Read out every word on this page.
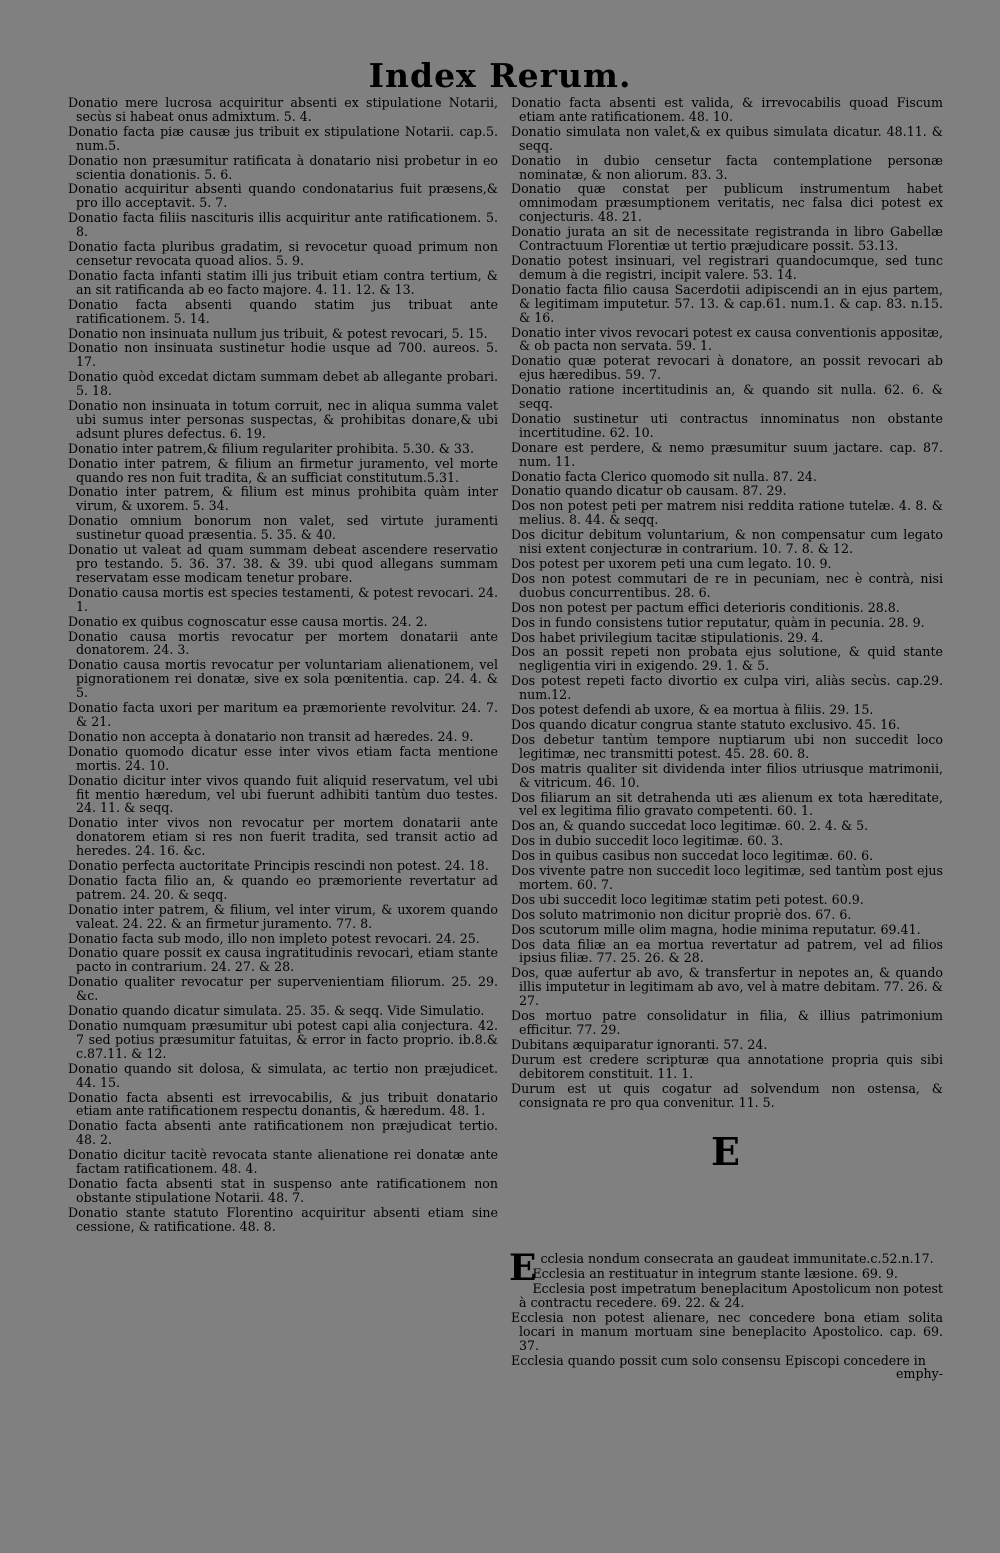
Index Rerum.
Donatio mere lucrosa acquiritur absenti ex stipulatione Notarii, secùs si habeat onus admixtum. 5. 4.
Donatio facta piæ causæ jus tribuit ex stipulatione Notarii. cap.5. num.5.
Donatio non præsumitur ratificata à donatario nisi probetur in eo scientia donationis. 5. 6.
Donatio acquiritur absenti quando condonatarius fuit præsens,& pro illo acceptavit. 5. 7.
Donatio facta filiis nascituris illis acquiritur ante ratificationem. 5. 8.
Donatio facta pluribus gradatim, si revocetur quoad primum non censetur revocata quoad alios. 5. 9.
Donatio facta infanti statim illi jus tribuit etiam contra tertium, & an sit ratificanda ab eo facto majore. 4. 11. 12. & 13.
Donatio facta absenti quando statim jus tribuat ante ratificationem. 5. 14.
Donatio non insinuata nullum jus tribuit, & potest revocari, 5. 15.
Donatio non insinuata sustinetur hodie usque ad 700. aureos. 5. 17.
Donatio quòd excedat dictam summam debet ab allegante probari. 5. 18.
Donatio non insinuata in totum corruit, nec in aliqua summa valet ubi sumus inter personas suspectas, & prohibitas donare,& ubi adsunt plures defectus. 6. 19.
Donatio inter patrem,& filium regulariter prohibita. 5.30. & 33.
Donatio inter patrem, & filium an firmetur juramento, vel morte quando res non fuit tradita, & an sufficiat constitutum.5.31.
Donatio inter patrem, & filium est minus prohibita quàm inter virum, & uxorem. 5. 34.
Donatio omnium bonorum non valet, sed virtute juramenti sustinetur quoad præsentia. 5. 35. & 40.
Donatio ut valeat ad quam summam debeat ascendere reservatio pro testando. 5. 36. 37. 38. & 39. ubi quod allegans summam reservatam esse modicam tenetur probare.
Donatio causa mortis est species testamenti, & potest revocari. 24. 1.
Donatio ex quibus cognoscatur esse causa mortis. 24. 2.
Donatio causa mortis revocatur per mortem donatarii ante donatorem. 24. 3.
Donatio causa mortis revocatur per voluntariam alienationem, vel pignorationem rei donatæ, sive ex sola pœnitentia. cap. 24. 4. & 5.
Donatio facta uxori per maritum ea præmoriente revolvitur. 24. 7. & 21.
Donatio non accepta à donatario non transit ad hæredes. 24. 9.
Donatio quomodo dicatur esse inter vivos etiam facta mentione mortis. 24. 10.
Donatio dicitur inter vivos quando fuit aliquid reservatum, vel ubi fit mentio hæredum, vel ubi fuerunt adhibiti tantùm duo testes. 24. 11. & seqq.
Donatio inter vivos non revocatur per mortem donatarii ante donatorem etiam si res non fuerit tradita, sed transit actio ad heredes. 24. 16. &c.
Donatio perfecta auctoritate Principis rescindi non potest. 24. 18.
Donatio facta filio an, & quando eo præmoriente revertatur ad patrem. 24. 20. & seqq.
Donatio inter patrem, & filium, vel inter virum, & uxorem quando valeat. 24. 22. & an firmetur juramento. 77. 8.
Donatio facta sub modo, illo non impleto potest revocari. 24. 25.
Donatio quare possit ex causa ingratitudinis revocari, etiam stante pacto in contrarium. 24. 27. & 28.
Donatio qualiter revocatur per supervenientiam filiorum. 25. 29. &c.
Donatio quando dicatur simulata. 25. 35. & seqq. Vide Simulatio.
Donatio numquam præsumitur ubi potest capi alia conjectura. 42. 7 sed potius præsumitur fatuitas, & error in facto proprio. ib.8.& c.87.11. & 12.
Donatio quando sit dolosa, & simulata, ac tertio non præjudicet. 44. 15.
Donatio facta absenti est irrevocabilis, & jus tribuit donatario etiam ante ratificationem respectu donantis, & hæredum. 48. 1.
Donatio facta absenti ante ratificationem non præjudicat tertio. 48. 2.
Donatio dicitur tacitè revocata stante alienatione rei donatæ ante factam ratificationem. 48. 4.
Donatio facta absenti stat in suspenso ante ratificationem non obstante stipulatione Notarii. 48. 7.
Donatio stante statuto Florentino acquiritur absenti etiam sine cessione, & ratificatione. 48. 8.
Donatio facta absenti est valida, & irrevocabilis quoad Fiscum etiam ante ratificationem. 48. 10.
Donatio simulata non valet,& ex quibus simulata dicatur. 48.11. & seqq.
Donatio in dubio censetur facta contemplatione personæ nominatæ, & non aliorum. 83. 3.
Donatio quæ constat per publicum instrumentum habet omnimodam præsumptionem veritatis, nec falsa dici potest ex conjecturis. 48. 21.
Donatio jurata an sit de necessitate registranda in libro Gabellæ Contractuum Florentiæ ut tertio præjudicare possit. 53.13.
Donatio potest insinuari, vel registrari quandocumque, sed tunc demum à die registri, incipit valere. 53. 14.
Donatio facta filio causa Sacerdotii adipiscendi an in ejus partem, & legitimam imputetur. 57. 13. & cap.61. num.1. & cap. 83. n.15. & 16.
Donatio inter vivos revocari potest ex causa conventionis appositæ, & ob pacta non servata. 59. 1.
Donatio quæ poterat revocari à donatore, an possit revocari ab ejus hæredibus. 59. 7.
Donatio ratione incertitudinis an, & quando sit nulla. 62. 6. & seqq.
Donatio sustinetur uti contractus innominatus non obstante incertitudine. 62. 10.
Donare est perdere, & nemo præsumitur suum jactare. cap. 87. num. 11.
Donatio facta Clerico quomodo sit nulla. 87. 24.
Donatio quando dicatur ob causam. 87. 29.
Dos non potest peti per matrem nisi reddita ratione tutelæ. 4. 8. & melius. 8. 44. & seqq.
Dos dicitur debitum voluntarium, & non compensatur cum legato nisi extent conjecturæ in contrarium. 10. 7. 8. & 12.
Dos potest per uxorem peti una cum legato. 10. 9.
Dos non potest commutari de re in pecuniam, nec è contrà, nisi duobus concurrentibus. 28. 6.
Dos non potest per pactum effici deterioris conditionis. 28.8.
Dos in fundo consistens tutior reputatur, quàm in pecunia. 28. 9.
Dos habet privilegium tacitæ stipulationis. 29. 4.
Dos an possit repeti non probata ejus solutione, & quid stante negligentia viri in exigendo. 29. 1. & 5.
Dos potest repeti facto divortio ex culpa viri, aliàs secùs. cap.29. num.12.
Dos potest defendi ab uxore, & ea mortua à filiis. 29. 15.
Dos quando dicatur congrua stante statuto exclusivo. 45. 16.
Dos debetur tantùm tempore nuptiarum ubi non succedit loco legitimæ, nec transmitti potest. 45. 28. 60. 8.
Dos matris qualiter sit dividenda inter filios utriusque matrimonii, & vitricum. 46. 10.
Dos filiarum an sit detrahenda uti æs alienum ex tota hæreditate, vel ex legitima filio gravato competenti. 60. 1.
Dos an, & quando succedat loco legitimæ. 60. 2. 4. & 5.
Dos in dubio succedit loco legitimæ. 60. 3.
Dos in quibus casibus non succedat loco legitimæ. 60. 6.
Dos vivente patre non succedit loco legitimæ, sed tantùm post ejus mortem. 60. 7.
Dos ubi succedit loco legitimæ statim peti potest. 60.9.
Dos soluto matrimonio non dicitur propriè dos. 67. 6.
Dos scutorum mille olim magna, hodie minima reputatur. 69.41.
Dos data filiæ an ea mortua revertatur ad patrem, vel ad filios ipsius filiæ. 77. 25. 26. & 28.
Dos, quæ aufertur ab avo, & transfertur in nepotes an, & quando illis imputetur in legitimam ab avo, vel à matre debitam. 77. 26. & 27.
Dos mortuo patre consolidatur in filia, & illius patrimonium efficitur. 77. 29.
Dubitans æquiparatur ignoranti. 57. 24.
Durum est credere scripturæ qua annotatione propria quis sibi debitorem constituit. 11. 1.
Durum est ut quis cogatur ad solvendum non ostensa, & consignata re pro qua convenitur. 11. 5.
E
Ecclesia nondum consecrata an gaudeat immunitate.c.52.n.17.
Ecclesia an restituatur in integrum stante læsione. 69. 9.
Ecclesia post impetratum beneplacitum Apostolicum non potest à contractu recedere. 69. 22. & 24.
Ecclesia non potest alienare, nec concedere bona etiam solita locari in manum mortuam sine beneplacito Apostolico. cap. 69. 37.
Ecclesia quando possit cum solo consensu Episcopi concedere in
emphy-
